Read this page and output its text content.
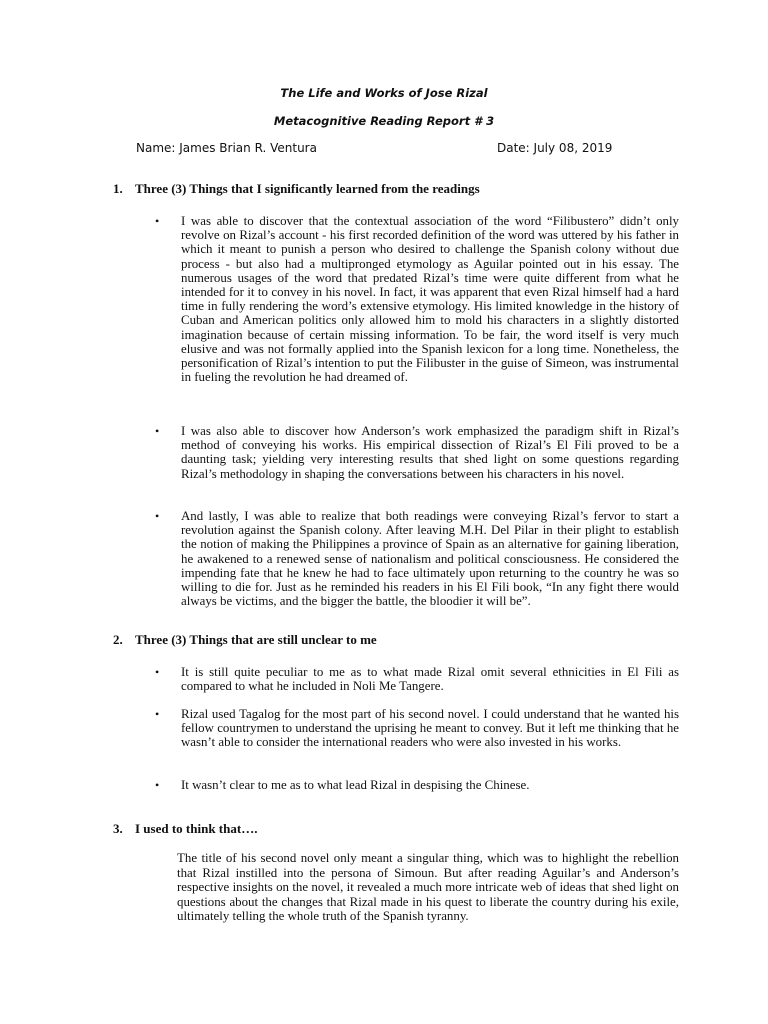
The Life and Works of Jose Rizal
Metacognitive Reading Report # 3
Name: James Brian R. Ventura	Date: July 08, 2019
1. Three (3) Things that I significantly learned from the readings
• I was able to discover that the contextual association of the word “Filibustero” didn’t only revolve on Rizal’s account - his first recorded definition of the word was uttered by his father in which it meant to punish a person who desired to challenge the Spanish colony without due process - but also had a multipronged etymology as Aguilar pointed out in his essay. The numerous usages of the word that predated Rizal’s time were quite different from what he intended for it to convey in his novel. In fact, it was apparent that even Rizal himself had a hard time in fully rendering the word’s extensive etymology. His limited knowledge in the history of Cuban and American politics only allowed him to mold his characters in a slightly distorted imagination because of certain missing information. To be fair, the word itself is very much elusive and was not formally applied into the Spanish lexicon for a long time. Nonetheless, the personification of Rizal’s intention to put the Filibuster in the guise of Simeon, was instrumental in fueling the revolution he had dreamed of.
• I was also able to discover how Anderson’s work emphasized the paradigm shift in Rizal’s method of conveying his works. His empirical dissection of Rizal’s El Fili proved to be a daunting task; yielding very interesting results that shed light on some questions regarding Rizal’s methodology in shaping the conversations between his characters in his novel.
• And lastly, I was able to realize that both readings were conveying Rizal’s fervor to start a revolution against the Spanish colony. After leaving M.H. Del Pilar in their plight to establish the notion of making the Philippines a province of Spain as an alternative for gaining liberation, he awakened to a renewed sense of nationalism and political consciousness. He considered the impending fate that he knew he had to face ultimately upon returning to the country he was so willing to die for. Just as he reminded his readers in his El Fili book, “In any fight there would always be victims, and the bigger the battle, the bloodier it will be”.
2. Three (3) Things that are still unclear to me
• It is still quite peculiar to me as to what made Rizal omit several ethnicities in El Fili as compared to what he included in Noli Me Tangere.
• Rizal used Tagalog for the most part of his second novel. I could understand that he wanted his fellow countrymen to understand the uprising he meant to convey. But it left me thinking that he wasn’t able to consider the international readers who were also invested in his works.
• It wasn’t clear to me as to what lead Rizal in despising the Chinese.
3. I used to think that….
The title of his second novel only meant a singular thing, which was to highlight the rebellion that Rizal instilled into the persona of Simoun. But after reading Aguilar’s and Anderson’s respective insights on the novel, it revealed a much more intricate web of ideas that shed light on questions about the changes that Rizal made in his quest to liberate the country during his exile, ultimately telling the whole truth of the Spanish tyranny.
